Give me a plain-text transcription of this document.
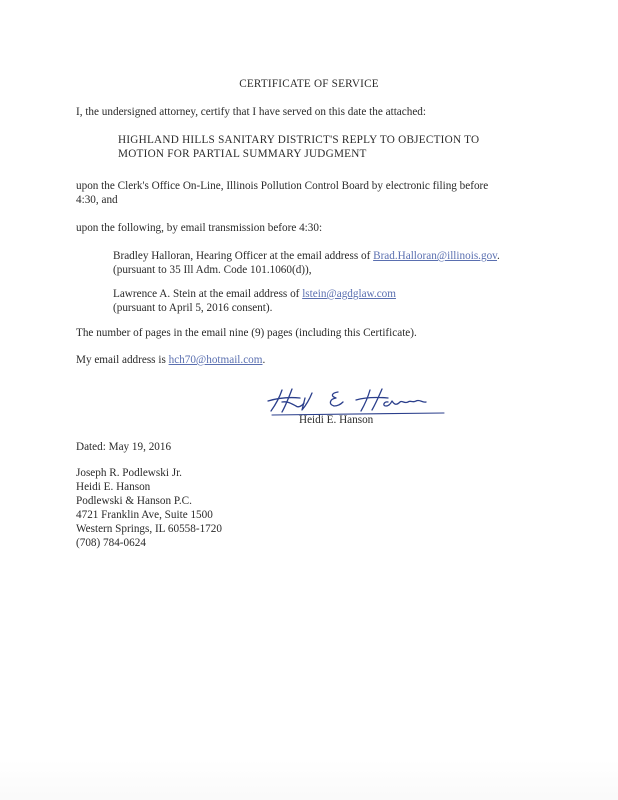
CERTIFICATE OF SERVICE

I, the undersigned attorney, certify that I have served on this date the attached:

HIGHLAND HILLS SANITARY DISTRICT'S REPLY TO OBJECTION TO

MOTION FOR PARTIAL SUMMARY JUDGMENT

upon the Clerk's Office On-Line, Illinois Pollution Control Board by electronic filing before

4:30, and

upon the following, by email transmission before 4:30:

Bradley Halloran, Hearing Officer at the email address of Brad.Halloran@illinois.gov.

(pursuant to 35 Ill Adm. Code 101.1060(d)),

Lawrence A. Stein at the email address of lstein@agdglaw.com

(pursuant to April 5, 2016 consent).

The number of pages in the email nine (9) pages (including this Certificate).

My email address is hch70@hotmail.com.

Heidi E. Hanson

Dated: May 19, 2016

Joseph R. Podlewski Jr.

Heidi E. Hanson

Podlewski & Hanson P.C.

4721 Franklin Ave, Suite 1500

Western Springs, IL 60558-1720

(708) 784-0624
